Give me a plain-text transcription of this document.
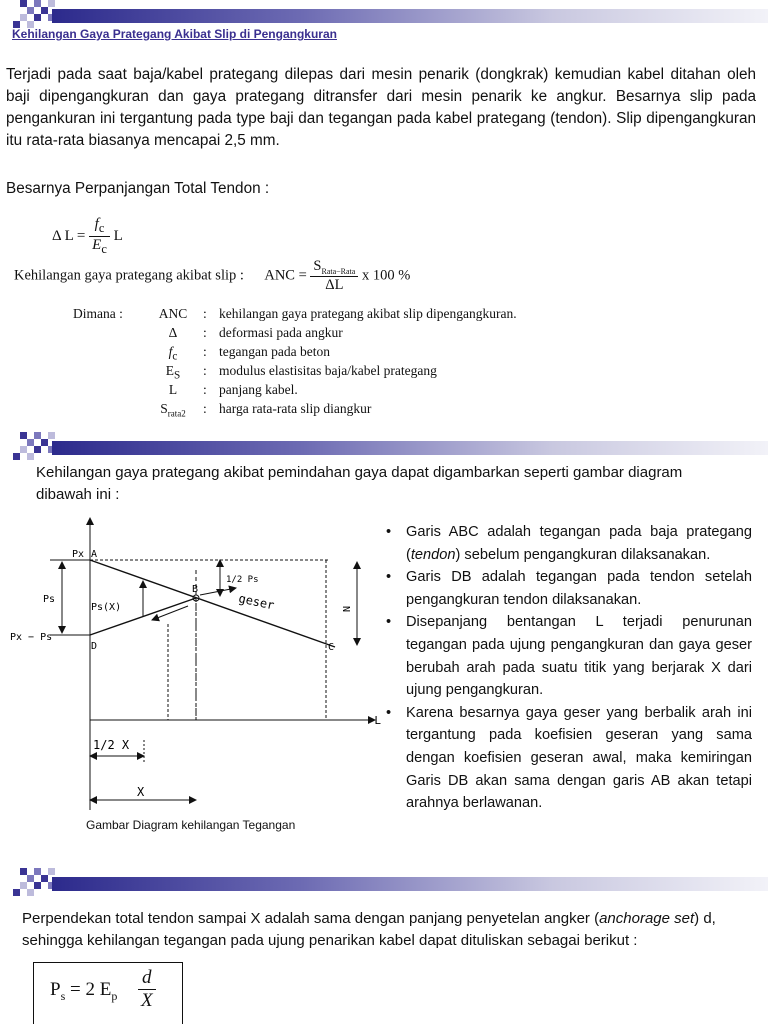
Kehilangan Gaya Prategang Akibat Slip di Pengangkuran
Terjadi pada saat baja/kabel prategang dilepas dari mesin penarik (dongkrak) kemudian kabel ditahan oleh baji dipengangkuran dan gaya prategang ditransfer dari mesin penarik ke angkur. Besarnya slip pada pengankuran ini tergantung pada type baji dan tegangan pada kabel prategang (tendon). Slip dipengangkuran itu rata-rata biasanya mencapai 2,5 mm.
Besarnya Perpanjangan Total Tendon :
Δ $L = \frac{f_c}{E_c}$ L
Kehilangan gaya prategang akibat slip : ANC = $\frac{S_{Rata-Rata}}{\Delta L}$ x 100 %
Dimana :	ANC	: kehilangan gaya prategang akibat slip dipengangkuran.
Δ	: deformasi pada angkur
$f_c$	: tegangan pada beton
$E_S$	: modulus elastisitas baja/kabel prategang
L	: panjang kabel.
$S_{rata2}$	: harga rata-rata slip diangkur
Kehilangan gaya prategang akibat pemindahan gaya dapat digambarkan seperti gambar diagram dibawah ini :
Px A
Ps
Ps(X)
Px − Ps
D
B
1/2 Ps
geser
C
N
L
1/2 X
X
Gambar Diagram kehilangan Tegangan
• Garis ABC adalah tegangan pada baja prategang (tendon) sebelum pengangkuran dilaksanakan.
• Garis DB adalah tegangan pada tendon setelah pengangkuran tendon dilaksanakan.
• Disepanjang bentangan L terjadi penurunan tegangan pada ujung pengangkuran dan gaya geser berubah arah pada suatu titik yang berjarak X dari ujung pengangkuran.
• Karena besarnya gaya geser yang berbalik arah ini tergantung pada koefisien geseran yang sama dengan koefisien geseran awal, maka kemiringan Garis DB akan sama dengan garis AB akan tetapi arahnya berlawanan.
Perpendekan total tendon sampai X adalah sama dengan panjang penyetelan angker (anchorage set) d, sehingga kehilangan tegangan pada ujung penarikan kabel dapat dituliskan sebagai berikut :
$P_s = 2$ $E_p \frac{d}{X}$
